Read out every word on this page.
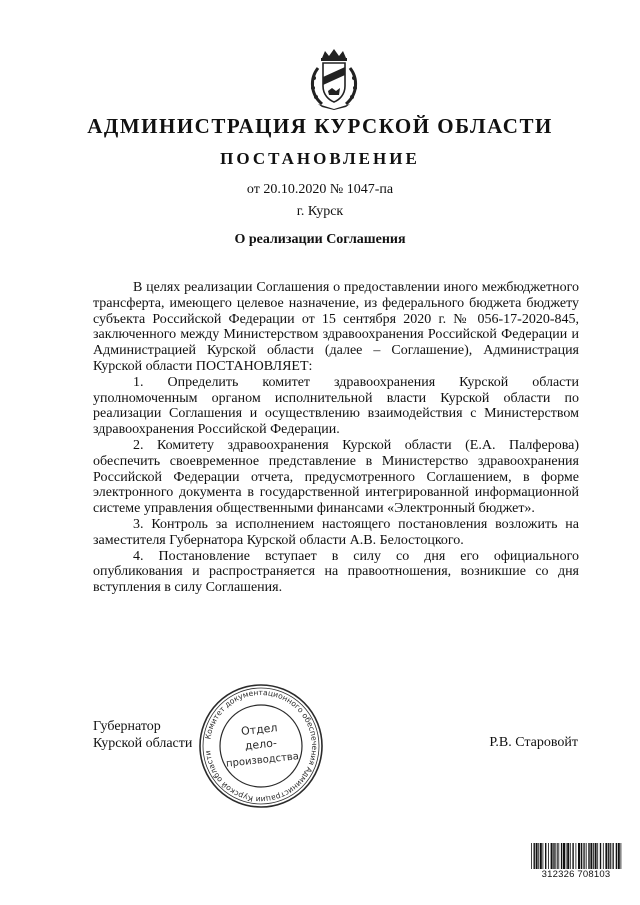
АДМИНИСТРАЦИЯ КУРСКОЙ ОБЛАСТИ
ПОСТАНОВЛЕНИЕ
от 20.10.2020 № 1047-па
г. Курск
О реализации Соглашения

В целях реализации Соглашения о предоставлении иного межбюджетного трансферта, имеющего целевое назначение, из федерального бюджета бюджету субъекта Российской Федерации от 15 сентября 2020 г. № 056-17-2020-845, заключенного между Министерством здравоохранения Российской Федерации и Администрацией Курской области (далее – Соглашение), Администрация Курской области ПОСТАНОВЛЯЕТ:

1. Определить комитет здравоохранения Курской области уполномоченным органом исполнительной власти Курской области по реализации Соглашения и осуществлению взаимодействия с Министерством здравоохранения Российской Федерации.

2. Комитету здравоохранения Курской области (Е.А. Палферова) обеспечить своевременное представление в Министерство здравоохранения Российской Федерации отчета, предусмотренного Соглашением, в форме электронного документа в государственной интегрированной информационной системе управления общественными финансами «Электронный бюджет».

3. Контроль за исполнением настоящего постановления возложить на заместителя Губернатора Курской области А.В. Белостоцкого.

4. Постановление вступает в силу со дня его официального опубликования и распространяется на правоотношения, возникшие со дня вступления в силу Соглашения.

Губернатор
Курской области	Р.В. Старовойт
Комитет документационного обеспечения Администрации Курской области
Отдел
дело-
производства
312326 708103
